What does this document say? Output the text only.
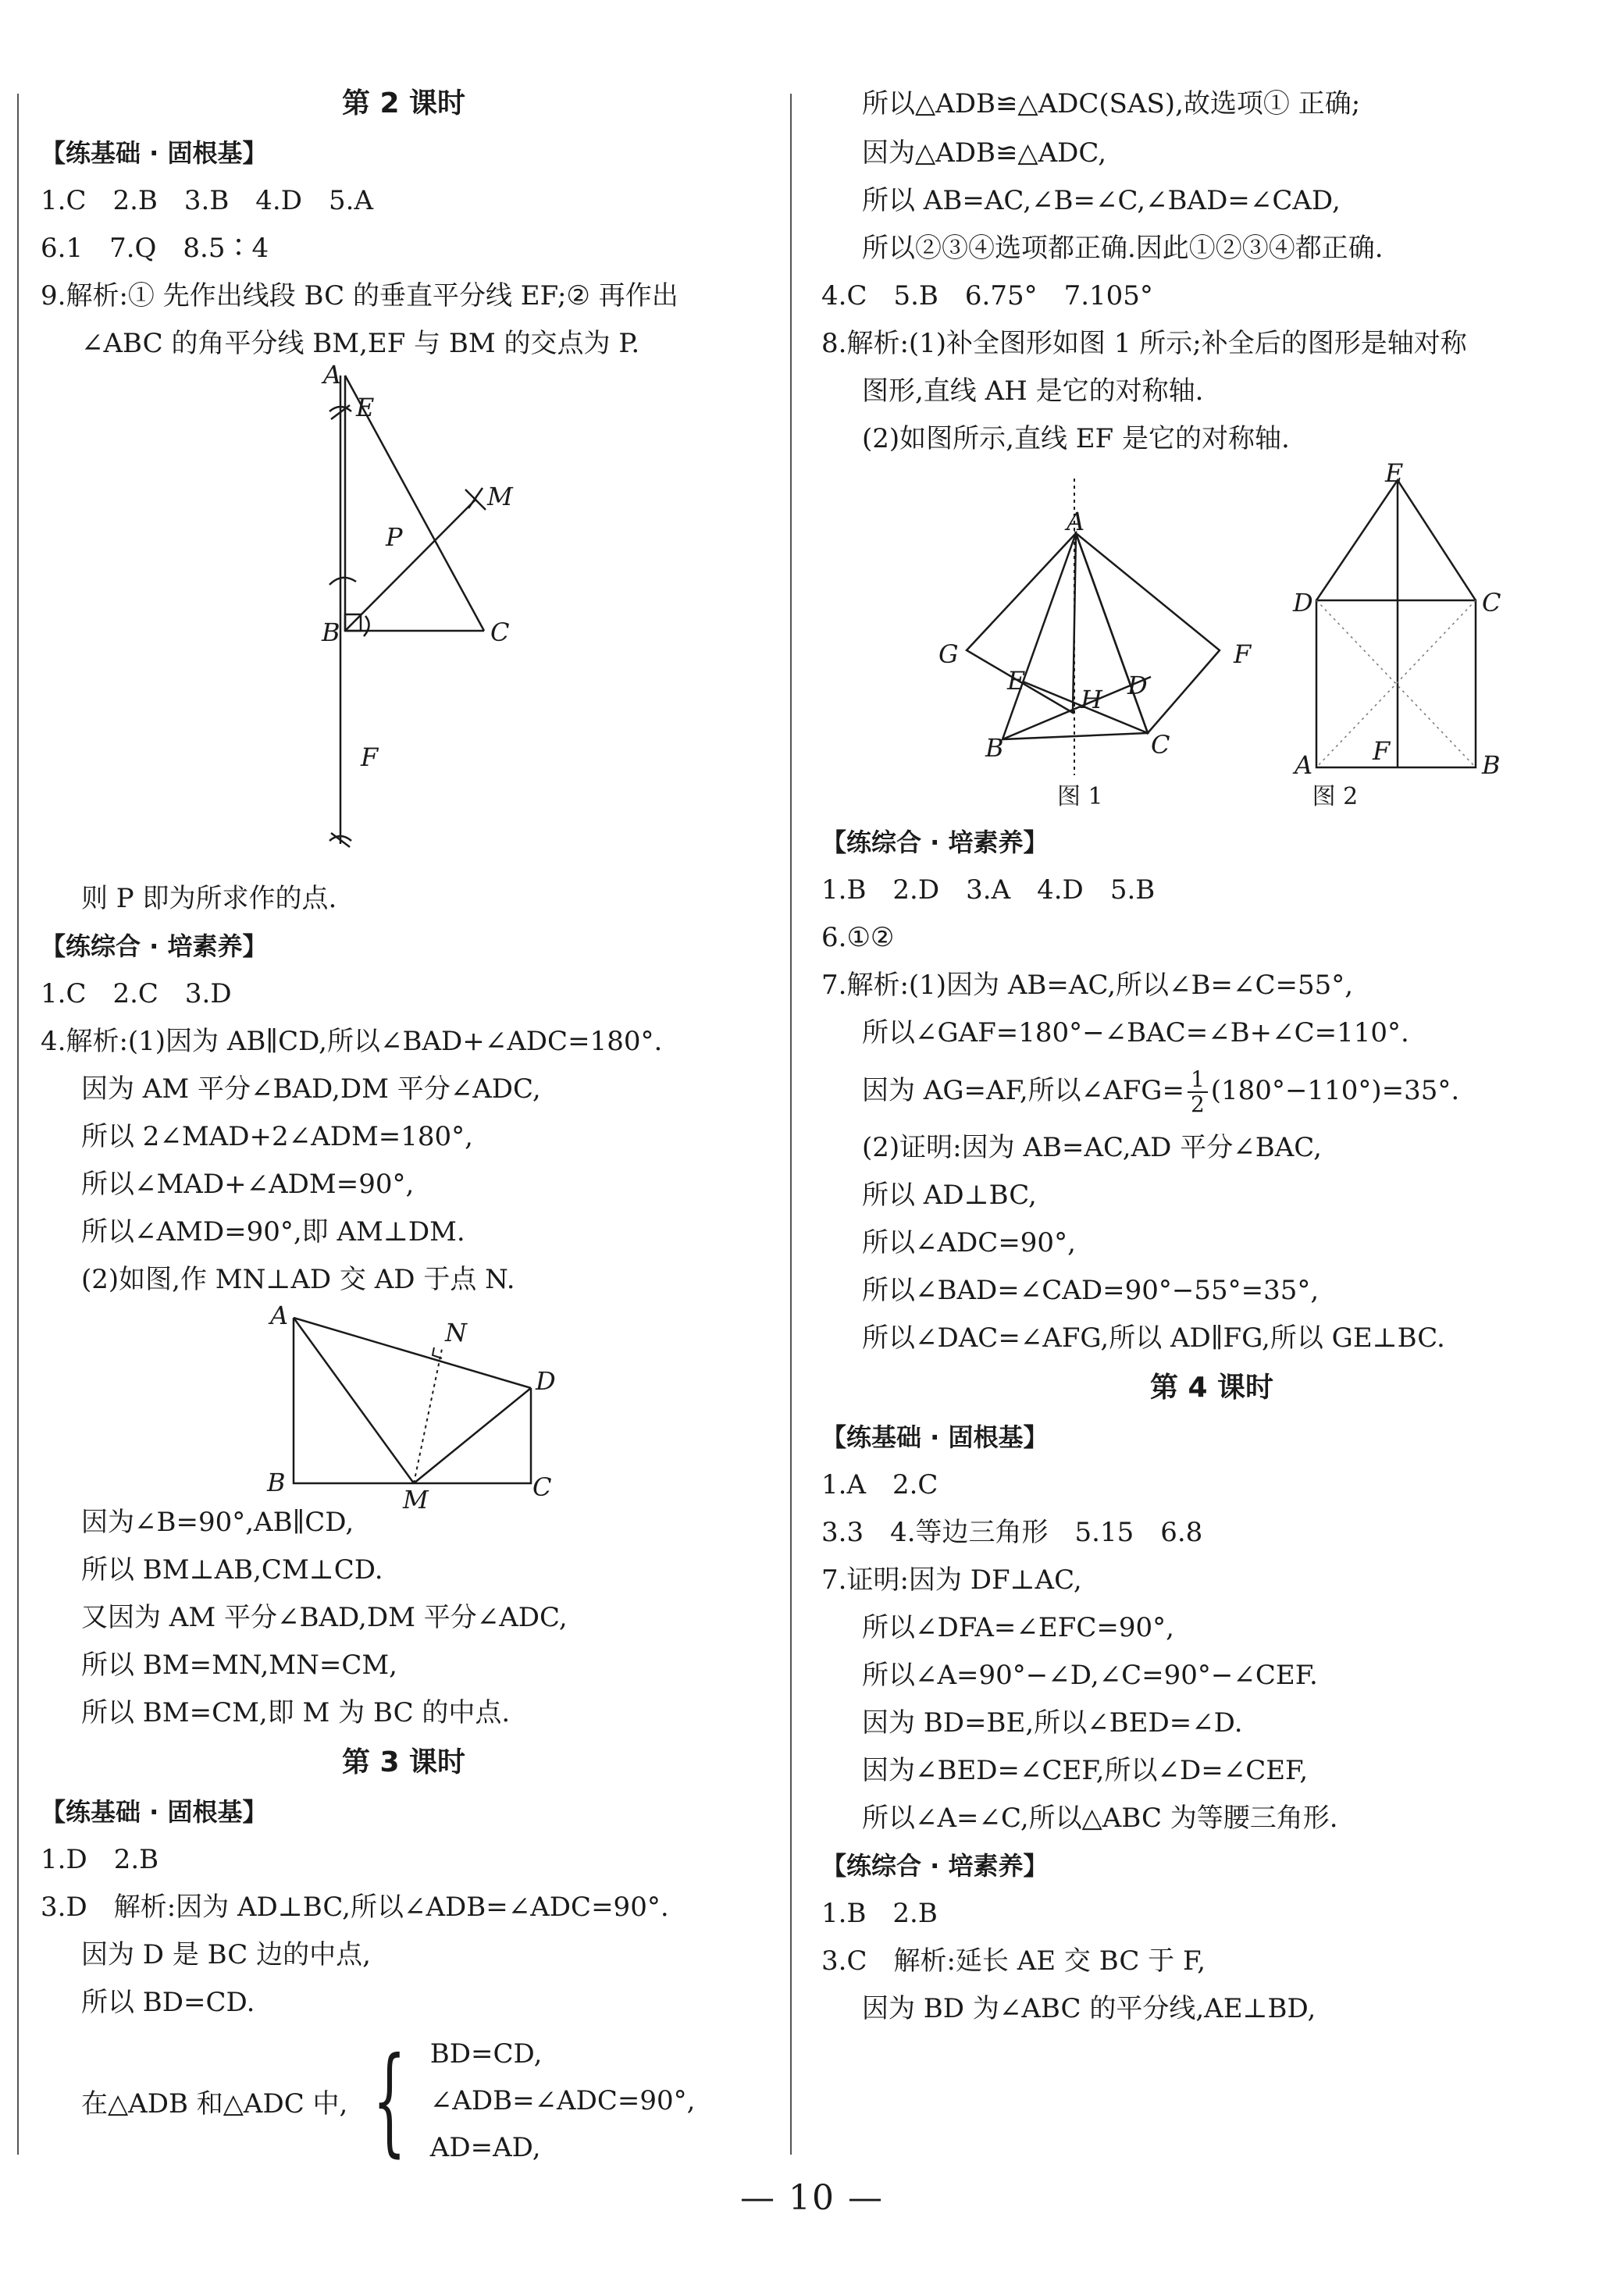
第 2 课时
【练基础 · 固根基】
1.C　2.B　3.B　4.D　5.A
6.1　7.Q　8.5∶4
9.解析:① 先作出线段 BC 的垂直平分线 EF;② 再作出
∠ABC 的角平分线 BM,EF 与 BM 的交点为 P.
A
E
M
P
B	C
F
则 P 即为所求作的点.
【练综合 · 培素养】
1.C　2.C　3.D
4.解析:(1)因为 AB∥CD,所以∠BAD+∠ADC=180°.
因为 AM 平分∠BAD,DM 平分∠ADC,
所以 2∠MAD+2∠ADM=180°,
所以∠MAD+∠ADM=90°,
所以∠AMD=90°,即 AM⊥DM.
(2)如图,作 MN⊥AD 交 AD 于点 N.
A
N
D
B
M	C
因为∠B=90°,AB∥CD,
所以 BM⊥AB,CM⊥CD.
又因为 AM 平分∠BAD,DM 平分∠ADC,
所以 BM=MN,MN=CM,
所以 BM=CM,即 M 为 BC 的中点.
第 3 课时
【练基础 · 固根基】
1.D　2.B
3.D　解析:因为 AD⊥BC,所以∠ADB=∠ADC=90°.
因为 D 是 BC 边的中点,
所以 BD=CD.
在△ADB 和△ADC 中, { BD=CD,
∠ADB=∠ADC=90°,
AD=AD,
所以△ADB≌△ADC(SAS),故选项① 正确;
因为△ADB≌△ADC,
所以 AB=AC,∠B=∠C,∠BAD=∠CAD,
所以②③④选项都正确.因此①②③④都正确.
4.C　5.B　6.75°　7.105°
8.解析:(1)补全图形如图 1 所示;补全后的图形是轴对称
图形,直线 AH 是它的对称轴.
(2)如图所示,直线 EF 是它的对称轴.
A
G	F
E
H D
B	C
E
D	C
F
A	B
图 1	图 2
【练综合 · 培素养】
1.B　2.D　3.A　4.D　5.B
6.①②
7.解析:(1)因为 AB=AC,所以∠B=∠C=55°,
所以∠GAF=180°−∠BAC=∠B+∠C=110°.
因为 AG=AF,所以∠AFG= $\frac{1}{2} (180^\circ-110^\circ)=35^\circ$.
(2)证明:因为 AB=AC,AD 平分∠BAC,
所以 AD⊥BC,
所以∠ADC=90°,
所以∠BAD=∠CAD=90°−55°=35°,
所以∠DAC=∠AFG,所以 AD∥FG,所以 GE⊥BC.
第 4 课时
【练基础 · 固根基】
1.A　2.C
3.3　4.等边三角形　5.15　6.8
7.证明:因为 DF⊥AC,
所以∠DFA=∠EFC=90°,
所以∠A=90°−∠D,∠C=90°−∠CEF.
因为 BD=BE,所以∠BED=∠D.
因为∠BED=∠CEF,所以∠D=∠CEF,
所以∠A=∠C,所以△ABC 为等腰三角形.
【练综合 · 培素养】
1.B　2.B
3.C　解析:延长 AE 交 BC 于 F,
因为 BD 为∠ABC 的平分线,AE⊥BD,
— 10 —
